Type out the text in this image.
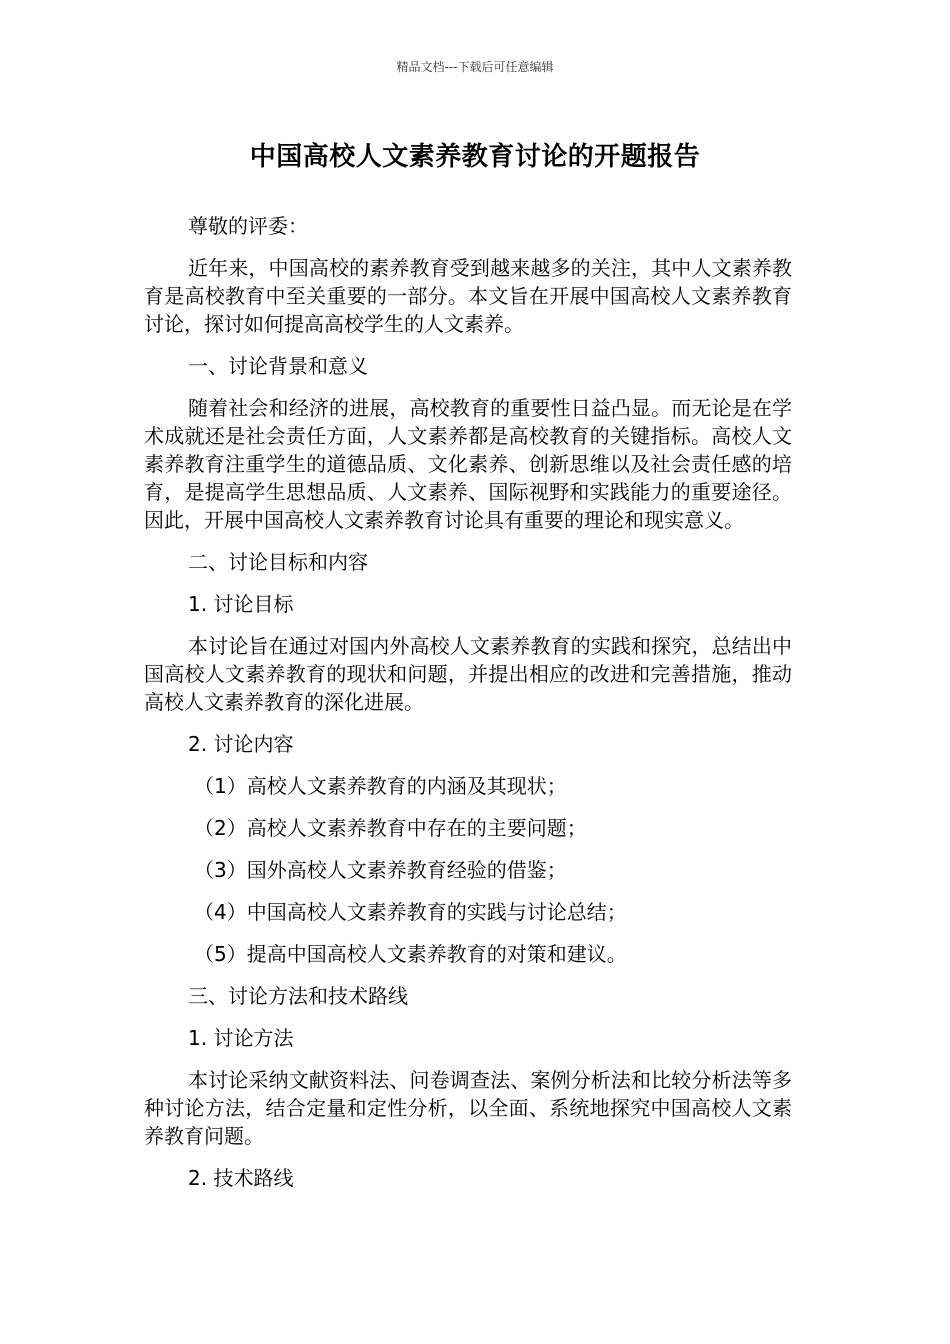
精品文档---下载后可任意编辑
中国高校人文素养教育讨论的开题报告

尊敬的评委：

近年来，中国高校的素养教育受到越来越多的关注，其中人文素养教育是高校教育中至关重要的一部分。本文旨在开展中国高校人文素养教育讨论，探讨如何提高高校学生的人文素养。

一、讨论背景和意义

随着社会和经济的进展，高校教育的重要性日益凸显。而无论是在学术成就还是社会责任方面，人文素养都是高校教育的关键指标。高校人文素养教育注重学生的道德品质、文化素养、创新思维以及社会责任感的培育，是提高学生思想品质、人文素养、国际视野和实践能力的重要途径。因此，开展中国高校人文素养教育讨论具有重要的理论和现实意义。

二、讨论目标和内容

1. 讨论目标

本讨论旨在通过对国内外高校人文素养教育的实践和探究，总结出中国高校人文素养教育的现状和问题，并提出相应的改进和完善措施，推动高校人文素养教育的深化进展。

2. 讨论内容

（1）高校人文素养教育的内涵及其现状；

（2）高校人文素养教育中存在的主要问题；

（3）国外高校人文素养教育经验的借鉴；

（4）中国高校人文素养教育的实践与讨论总结；

（5）提高中国高校人文素养教育的对策和建议。

三、讨论方法和技术路线

1. 讨论方法

本讨论采纳文献资料法、问卷调查法、案例分析法和比较分析法等多种讨论方法，结合定量和定性分析，以全面、系统地探究中国高校人文素养教育问题。

2. 技术路线
